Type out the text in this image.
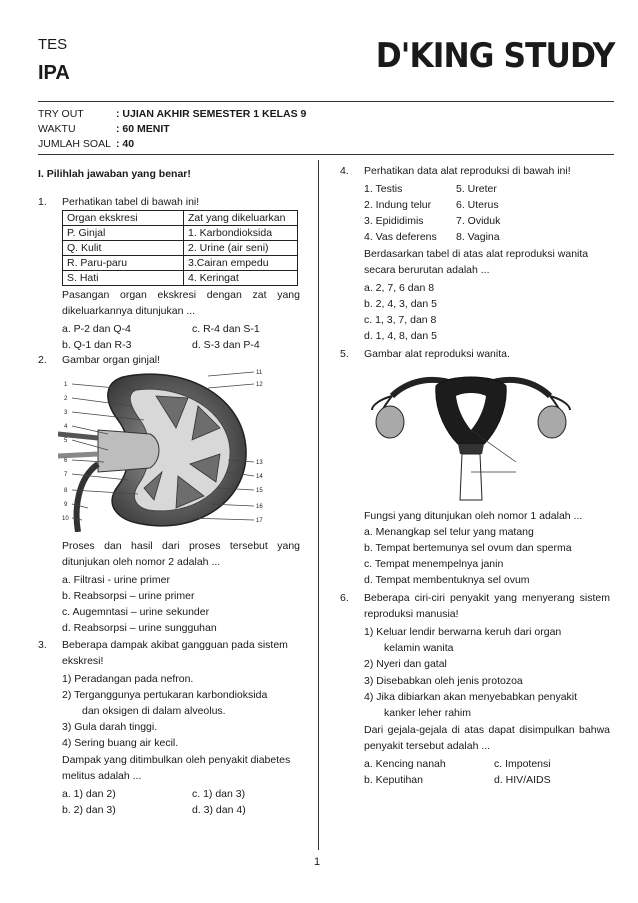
TES
IPA	D'KING STUDY
TRY OUT	: UJIAN AKHIR SEMESTER 1 KELAS 9
WAKTU	: 60 MENIT
JUMLAH SOAL : 40
I. Pilihlah jawaban yang benar!
1. Perhatikan tabel di bawah ini!
Organ ekskresi	Zat yang dikeluarkan
P. Ginjal	1. Karbondioksida
Q. Kulit	2. Urine (air seni)
R. Paru-paru	3.Cairan empedu
S. Hati	4. Keringat
Pasangan organ ekskresi dengan zat yang dikeluarkannya ditunjukan ...
a. P-2 dan Q-4	c. R-4 dan S-1
b. Q-1 dan R-3	d. S-3 dan P-4
2. Gambar organ ginjal!
1
2
3
4
5
6
7
8
9
10
11
12
13
14
15
16
17
Proses dan hasil dari proses tersebut yang ditunjukan oleh nomor 2 adalah ...
a. Filtrasi - urine primer
b. Reabsorpsi – urine primer
c. Augemntasi – urine sekunder
d. Reabsorpsi – urine sungguhan
3. Beberapa dampak akibat gangguan pada sistem ekskresi!
1) Peradangan pada nefron.
2) Terganggunya pertukaran karbondioksida
dan oksigen di dalam alveolus.
3) Gula darah tinggi.
4) Sering buang air kecil.
Dampak yang ditimbulkan oleh penyakit diabetes melitus adalah ...
a. 1) dan 2)	c. 1) dan 3)
b. 2) dan 3)	d. 3) dan 4)
4. Perhatikan data alat reproduksi di bawah ini!
1. Testis	5. Ureter
2. Indung telur 6. Uterus
3. Epididimis	7. Oviduk
4. Vas deferens 8. Vagina
Berdasarkan tabel di atas alat reproduksi wanita secara berurutan adalah ...
a. 2, 7, 6 dan 8
b. 2, 4, 3, dan 5
c. 1, 3, 7, dan 8
d. 1, 4, 8, dan 5
5. Gambar alat reproduksi wanita.
Fungsi yang ditunjukan oleh nomor 1 adalah ...
a. Menangkap sel telur yang matang
b. Tempat bertemunya sel ovum dan sperma
c. Tempat menempelnya janin
d. Tempat membentuknya sel ovum
6. Beberapa ciri-ciri penyakit yang menyerang sistem reproduksi manusia!
1) Keluar lendir berwarna keruh dari organ
kelamin wanita
2) Nyeri dan gatal
3) Disebabkan oleh jenis protozoa
4) Jika dibiarkan akan menyebabkan penyakit
kanker leher rahim
Dari gejala-gejala di atas dapat disimpulkan bahwa penyakit tersebut adalah ...
a. Kencing nanah	c. Impotensi
b. Keputihan	d. HIV/AIDS
1
